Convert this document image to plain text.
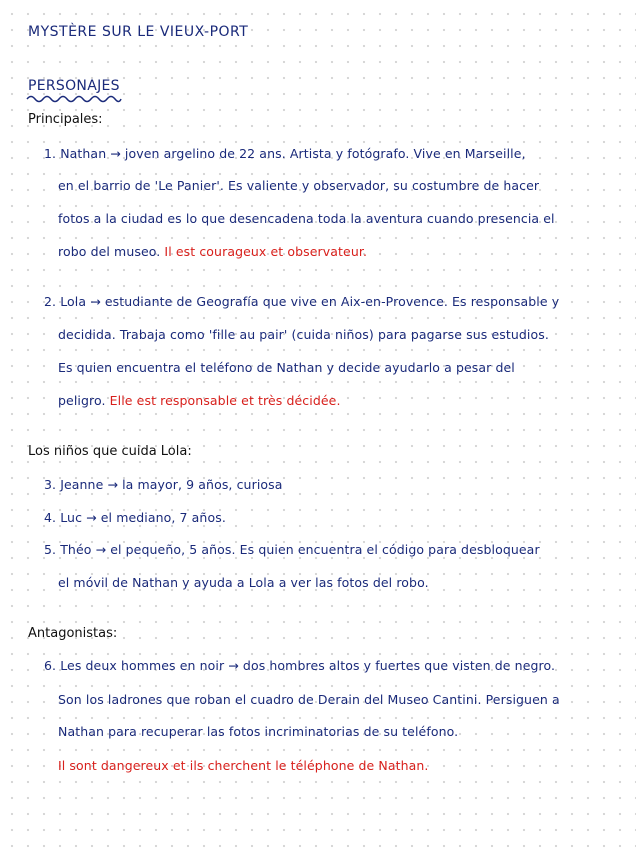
MYSTÈRE SUR LE VIEUX-PORT
PERSONAJES
Principales:
1. Nathan → joven argelino de 22 ans. Artista y fotógrafo. Vive en Marseille,
en el barrio de 'Le Panier'. Es valiente y observador, su costumbre de hacer
fotos a la ciudad es lo que desencadena toda la aventura cuando presencia el
robo del museo. Il est courageux et observateur.
2. Lola → estudiante de Geografía que vive en Aix-en-Provence. Es responsable y
decidida. Trabaja como 'fille au pair' (cuida niños) para pagarse sus estudios.
Es quien encuentra el teléfono de Nathan y decide ayudarlo a pesar del
peligro. Elle est responsable et très décidée.
Los niños que cuida Lola:
3. Jeanne → la mayor, 9 años, curiosa
4. Luc → el mediano, 7 años.
5. Théo → el pequeño, 5 años. Es quien encuentra el código para desbloquear
el móvil de Nathan y ayuda a Lola a ver las fotos del robo.
Antagonistas:
6. Les deux hommes en noir → dos hombres altos y fuertes que visten de negro.
Son los ladrones que roban el cuadro de Derain del Museo Cantini. Persiguen a
Nathan para recuperar las fotos incriminatorias de su teléfono.
Il sont dangereux et ils cherchent le téléphone de Nathan.
